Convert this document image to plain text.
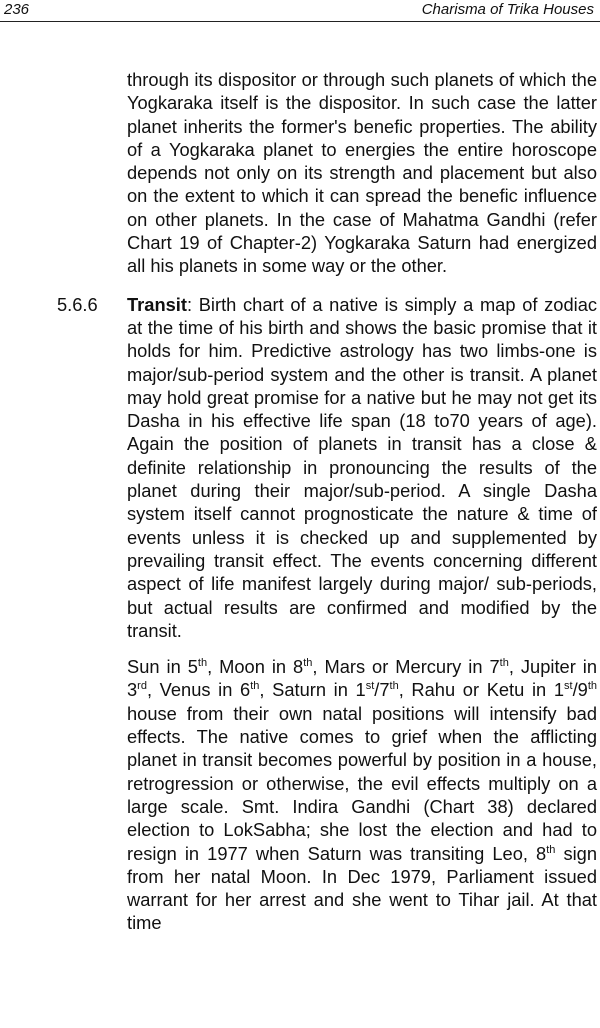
236	Charisma of Trika Houses

through its dispositor or through such planets of which the Yogkaraka itself is the dispositor. In such case the latter planet inherits the former's benefic properties. The ability of a Yogkaraka planet to energies the entire horoscope depends not only on its strength and placement but also on the extent to which it can spread the benefic influence on other planets. In the case of Mahatma Gandhi (refer Chart 19 of Chapter-2) Yogkaraka Saturn had energized all his planets in some way or the other.

5.6.6 Transit: Birth chart of a native is simply a map of zodiac at the time of his birth and shows the basic promise that it holds for him. Predictive astrology has two limbs-one is major/sub-period system and the other is transit. A planet may hold great promise for a native but he may not get its Dasha in his effective life span (18 to70 years of age). Again the position of planets in transit has a close & definite relationship in pronouncing the results of the planet during their major/sub-period. A single Dasha system itself cannot prognosticate the nature & time of events unless it is checked up and supplemented by prevailing transit effect. The events concerning different aspect of life manifest largely during major/ sub-periods, but actual results are confirmed and modified by the transit.

Sun in 5th, Moon in 8th, Mars or Mercury in 7th, Jupiter in 3rd, Venus in 6th, Saturn in 1st/7th, Rahu or Ketu in 1st/9th house from their own natal positions will intensify bad effects. The native comes to grief when the afflicting planet in transit becomes powerful by position in a house, retrogression or otherwise, the evil effects multiply on a large scale. Smt. Indira Gandhi (Chart 38) declared election to LokSabha; she lost the election and had to resign in 1977 when Saturn was transiting Leo, 8th sign from her natal Moon. In Dec 1979, Parliament issued warrant for her arrest and she went to Tihar jail. At that time
